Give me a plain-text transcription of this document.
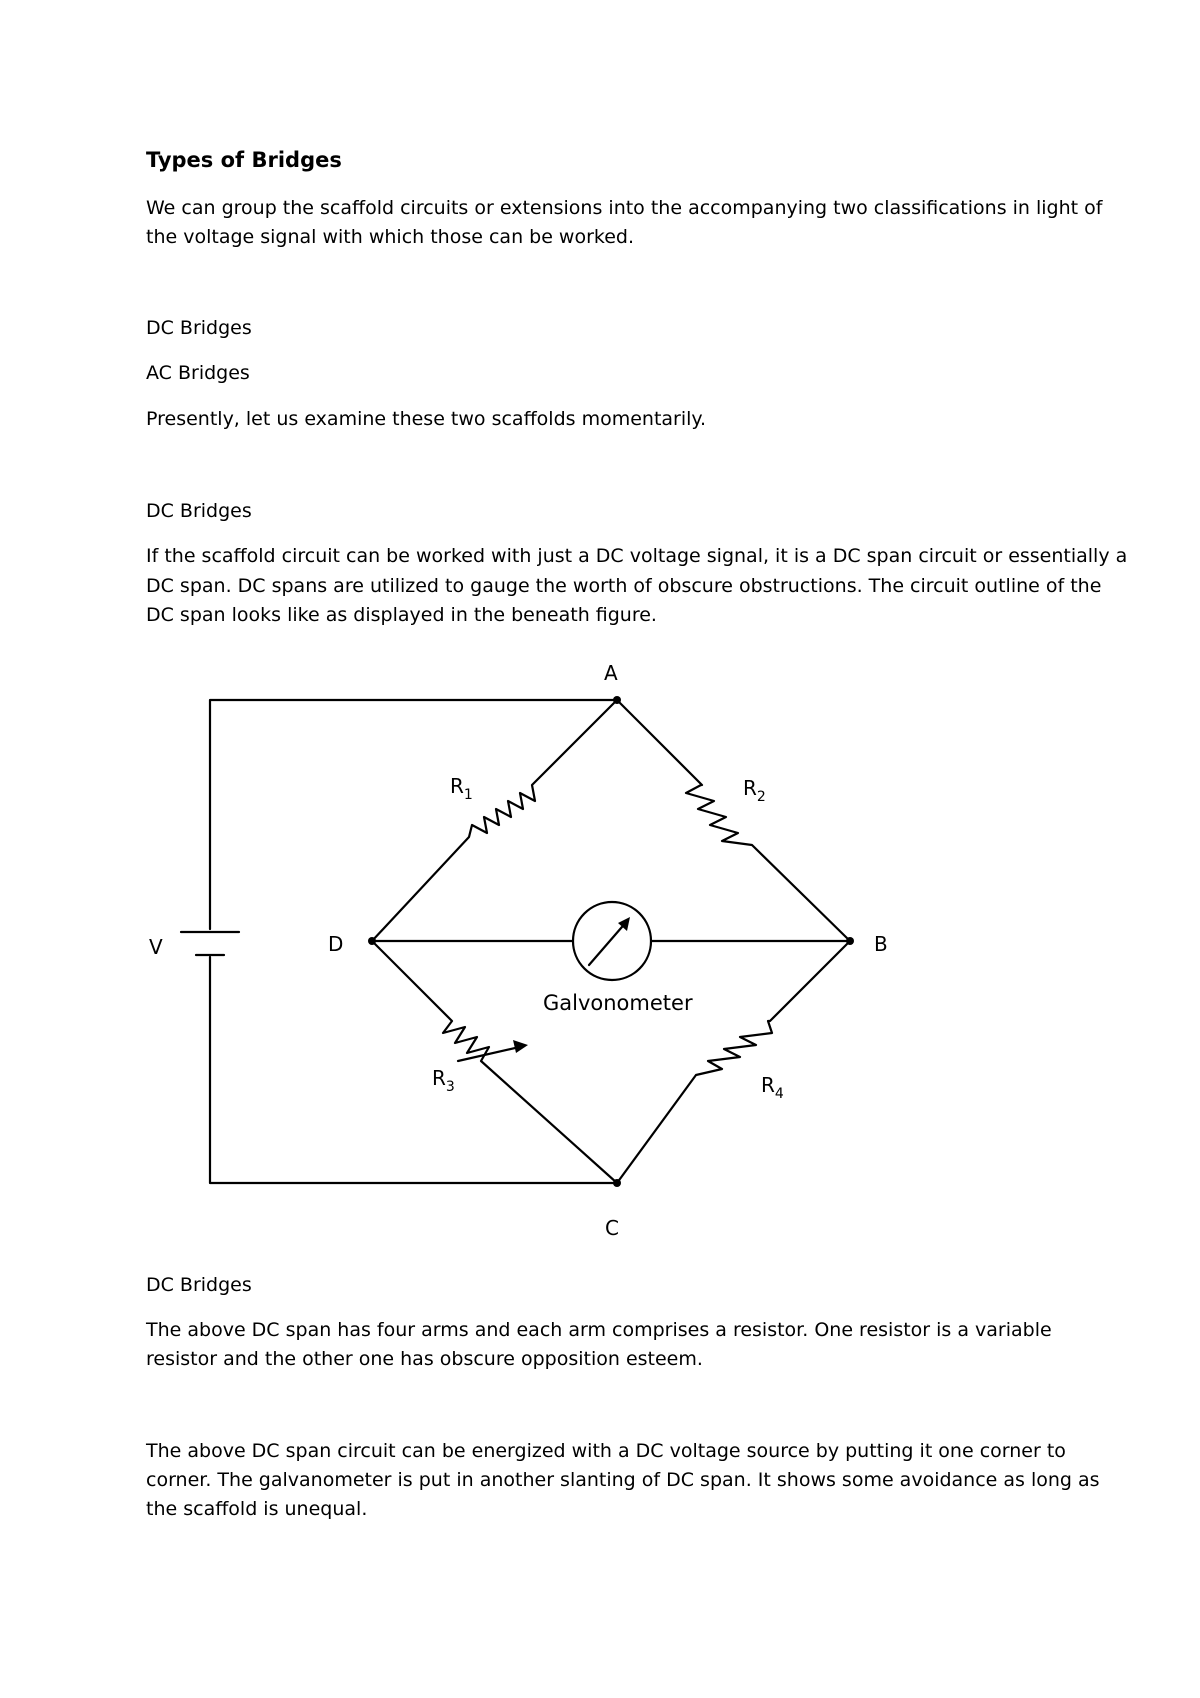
Types of Bridges

We can group the scaffold circuits or extensions into the accompanying two classifications in light of

the voltage signal with which those can be worked.

DC Bridges

AC Bridges

Presently, let us examine these two scaffolds momentarily.

DC Bridges

If the scaffold circuit can be worked with just a DC voltage signal, it is a DC span circuit or essentially a

DC span. DC spans are utilized to gauge the worth of obscure obstructions. The circuit outline of the

DC span looks like as displayed in the beneath figure.

A
B
C
D
V
Galvonometer
$R_1$	$R_2$
$R_3$	$R_4$

DC Bridges

The above DC span has four arms and each arm comprises a resistor. One resistor is a variable

resistor and the other one has obscure opposition esteem.

The above DC span circuit can be energized with a DC voltage source by putting it one corner to

corner. The galvanometer is put in another slanting of DC span. It shows some avoidance as long as

the scaffold is unequal.
